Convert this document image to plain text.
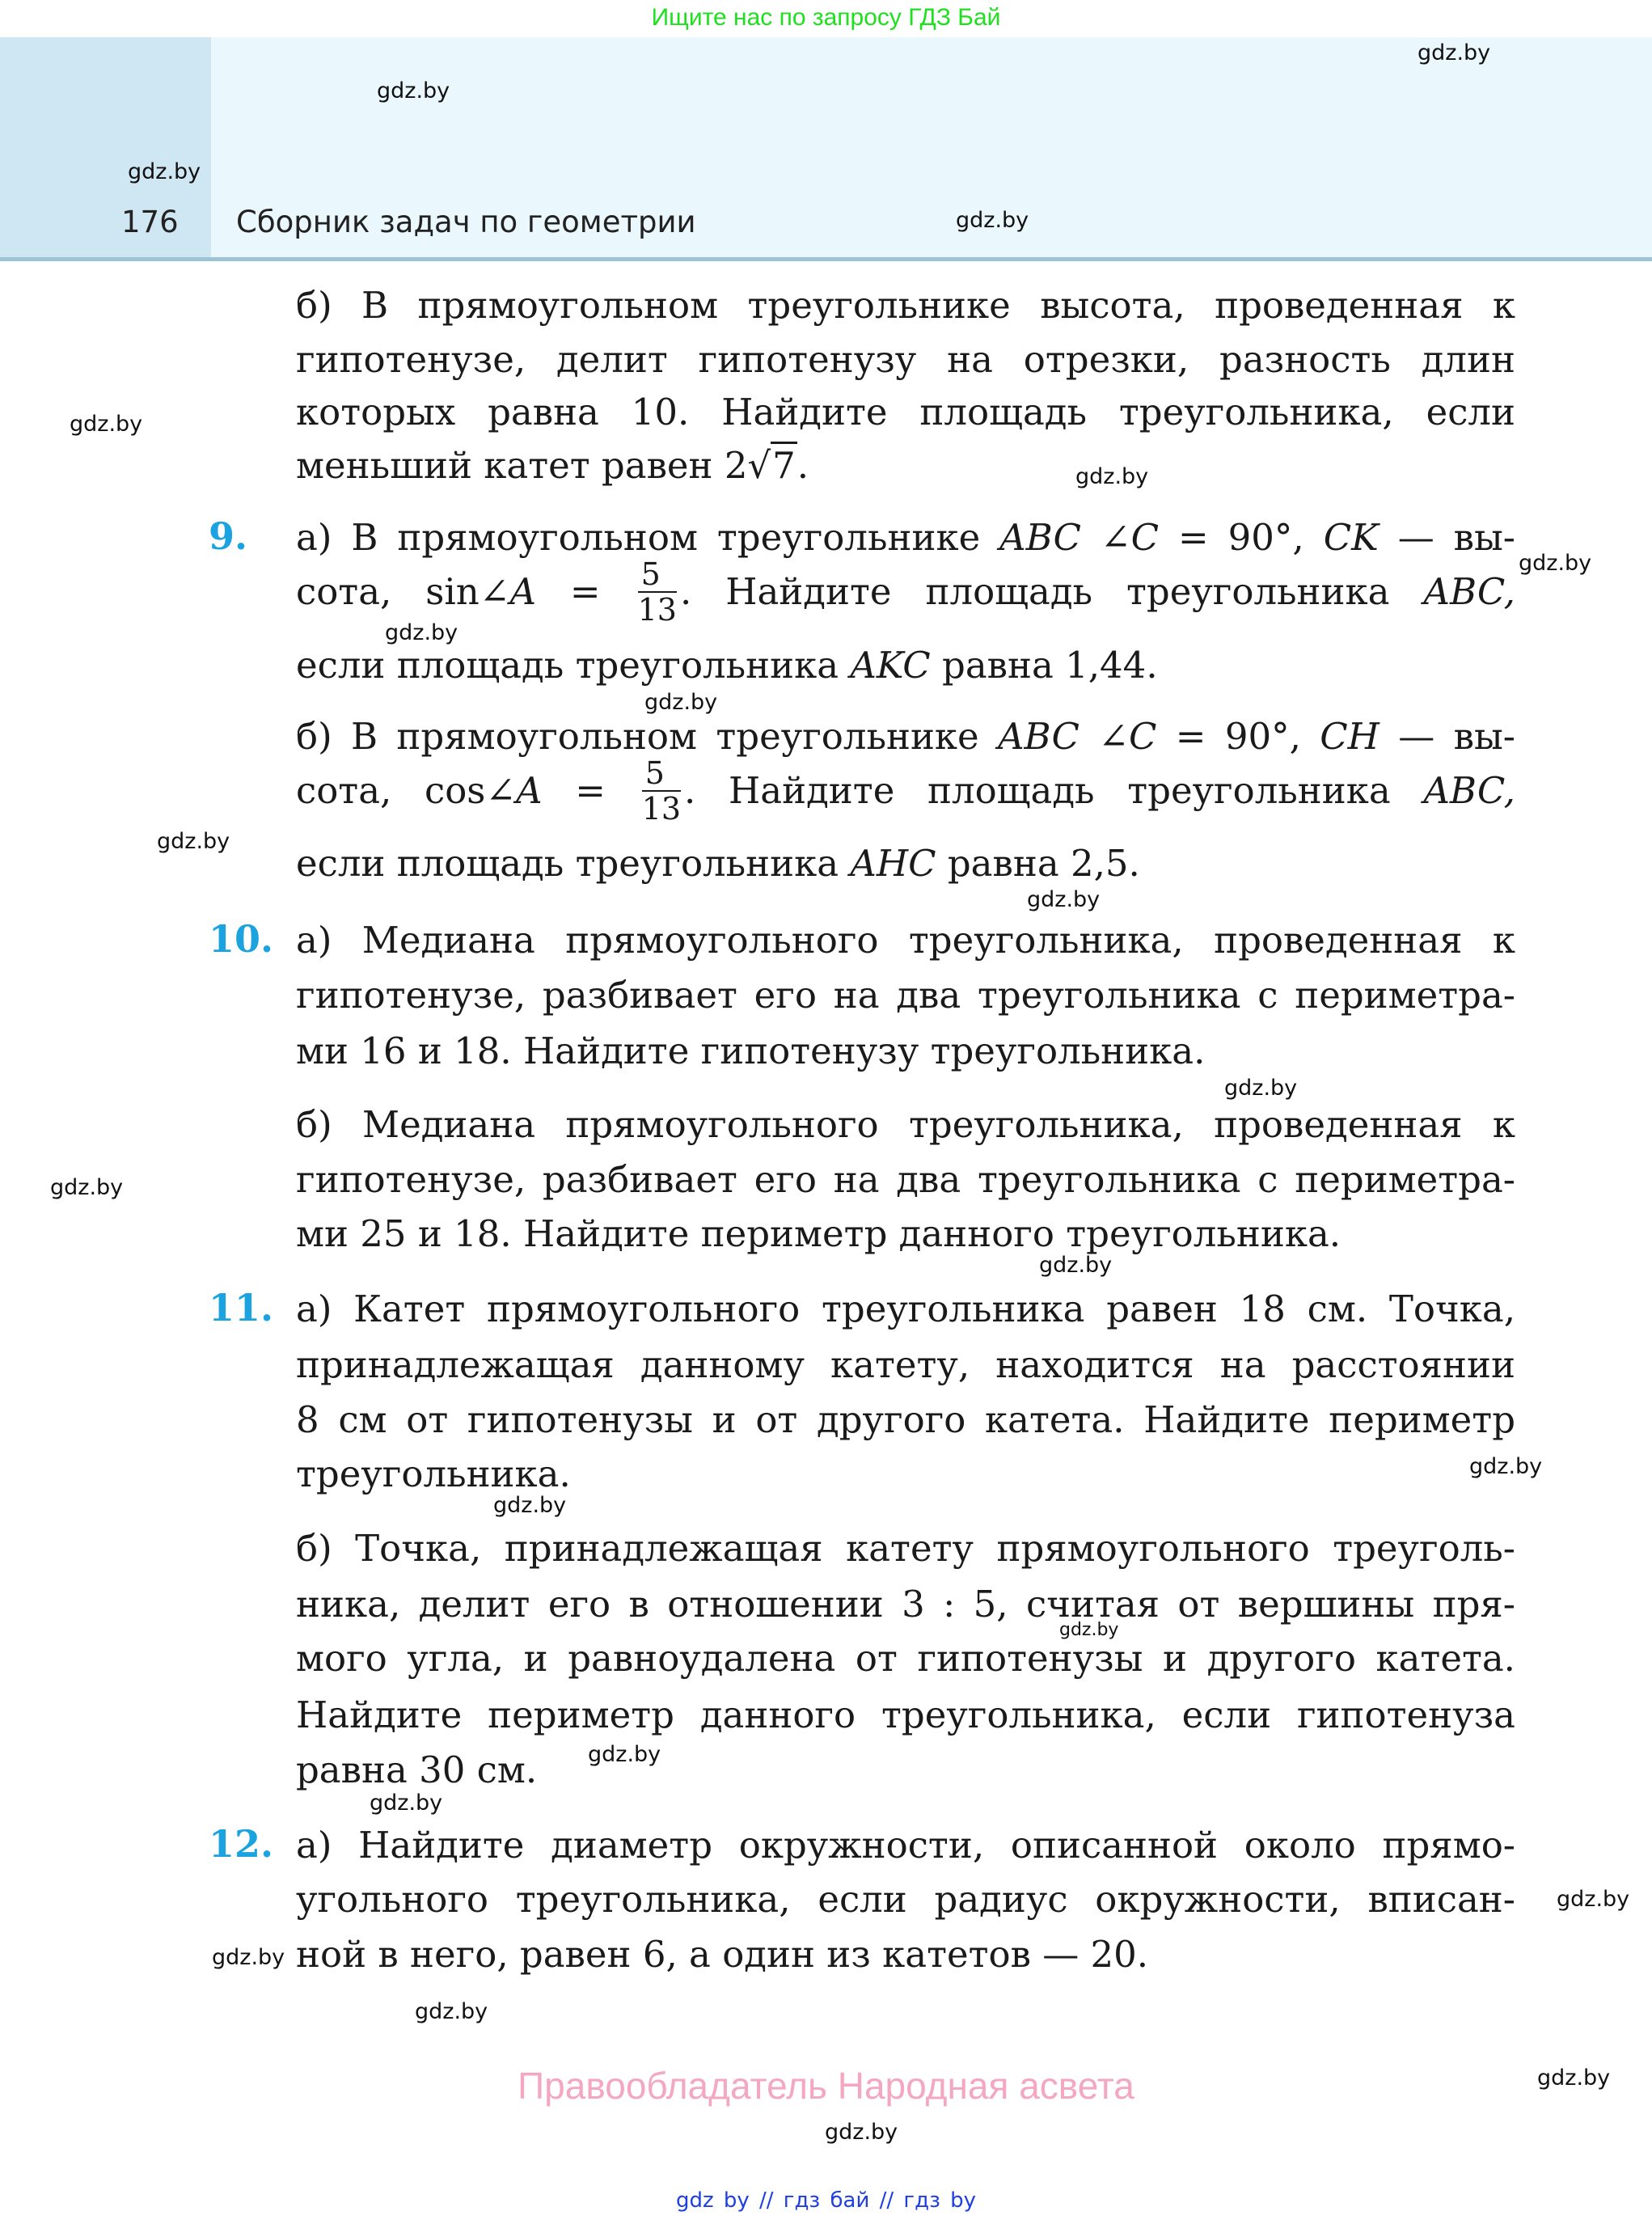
Ищите нас по запросу ГДЗ Бай
176 Сборник задач по геометрии
б) В прямоугольном треугольнике высота, проведенная к
гипотенузе, делит гипотенузу на отрезки, разность длин
которых равна 10. Найдите площадь треугольника, если
меньший катет равен 2√7.
9. а) В прямоугольном треугольнике ABC ∠C = 90°, CK — вы-
сота, sin∠A = $\frac{5}{13}$ . Найдите площадь треугольника ABC,
если площадь треугольника AKC равна 1,44.
б) В прямоугольном треугольнике ABC ∠C = 90°, CH — вы-
сота, cos∠A = $\frac{5}{13}$ . Найдите площадь треугольника ABC,
если площадь треугольника AHC равна 2,5.
10. а) Медиана прямоугольного треугольника, проведенная к
гипотенузе, разбивает его на два треугольника с периметра-
ми 16 и 18. Найдите гипотенузу треугольника.
б) Медиана прямоугольного треугольника, проведенная к
гипотенузе, разбивает его на два треугольника с периметра-
ми 25 и 18. Найдите периметр данного треугольника.
11. а) Катет прямоугольного треугольника равен 18 см. Точка,
принадлежащая данному катету, находится на расстоянии
8 см от гипотенузы и от другого катета. Найдите периметр
треугольника.
б) Точка, принадлежащая катету прямоугольного треуголь-
ника, делит его в отношении 3 : 5, считая от вершины пря-
мого угла, и равноудалена от гипотенузы и другого катета.
Найдите периметр данного треугольника, если гипотенуза
равна 30 см.
12. а) Найдите диаметр окружности, описанной около прямо-
угольного треугольника, если радиус окружности, вписан-
ной в него, равен 6, а один из катетов — 20.
gdz.by
gdz.by
gdz.by
gdz.by
gdz.by
gdz.by
gdz.by
gdz.by
gdz.by
gdz.by
gdz.by
gdz.by
gdz.by
gdz.by
gdz.by
gdz.by
gdz.by
gdz.by
gdz.by
gdz.by
gdz.by
gdz.by
gdz.by
gdz.by
Правообладатель Народная асвета
gdz by // гдз бай // гдз by
